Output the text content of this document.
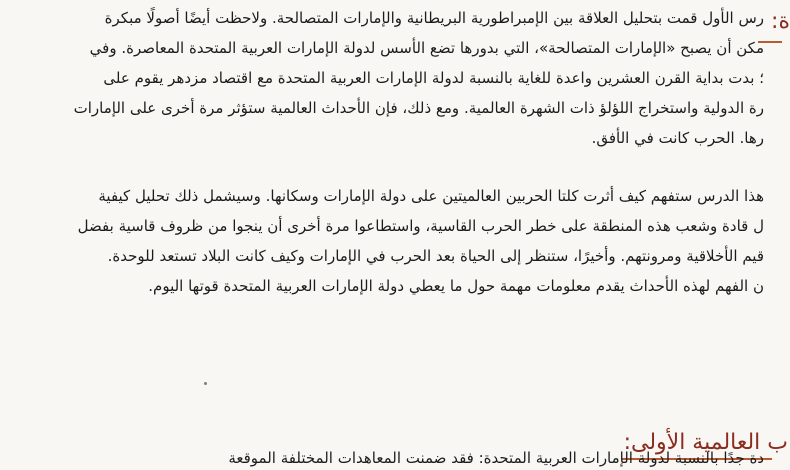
ة:
رس الأول قمت بتحليل العلاقة بين الإمبراطورية البريطانية والإمارات المتصالحة. ولاحظت أيضًا أصولًا مبكرة
مكن أن يصبح «الإمارات المتصالحة»، التي بدورها تضع الأسس لدولة الإمارات العربية المتحدة المعاصرة. وفي
؛ بدت بداية القرن العشرين واعدة للغاية بالنسبة لدولة الإمارات العربية المتحدة مع اقتصاد مزدهر يقوم على
رة الدولية واستخراج اللؤلؤ ذات الشهرة العالمية. ومع ذلك، فإن الأحداث العالمية ستؤثر مرة أخرى على الإمارات
رها. الحرب كانت في الأفق.
هذا الدرس ستفهم كيف أثرت كلتا الحربين العالميتين على دولة الإمارات وسكانها. وسيشمل ذلك تحليل كيفية
ل قادة وشعب هذه المنطقة على خطر الحرب القاسية، واستطاعوا مرة أخرى أن ينجوا من ظروف قاسية بفضل
قيم الأخلاقية ومرونتهم. وأخيرًا، ستنظر إلى الحياة بعد الحرب في الإمارات وكيف كانت البلاد تستعد للوحدة.
ن الفهم لهذه الأحداث يقدم معلومات مهمة حول ما يعطي دولة الإمارات العربية المتحدة قوتها اليوم.
ب العالمية الأولى:
دة جدًا بالنسبة لدولة الإمارات العربية المتحدة: فقد ضمنت المعاهدات المختلفة الموقعة
